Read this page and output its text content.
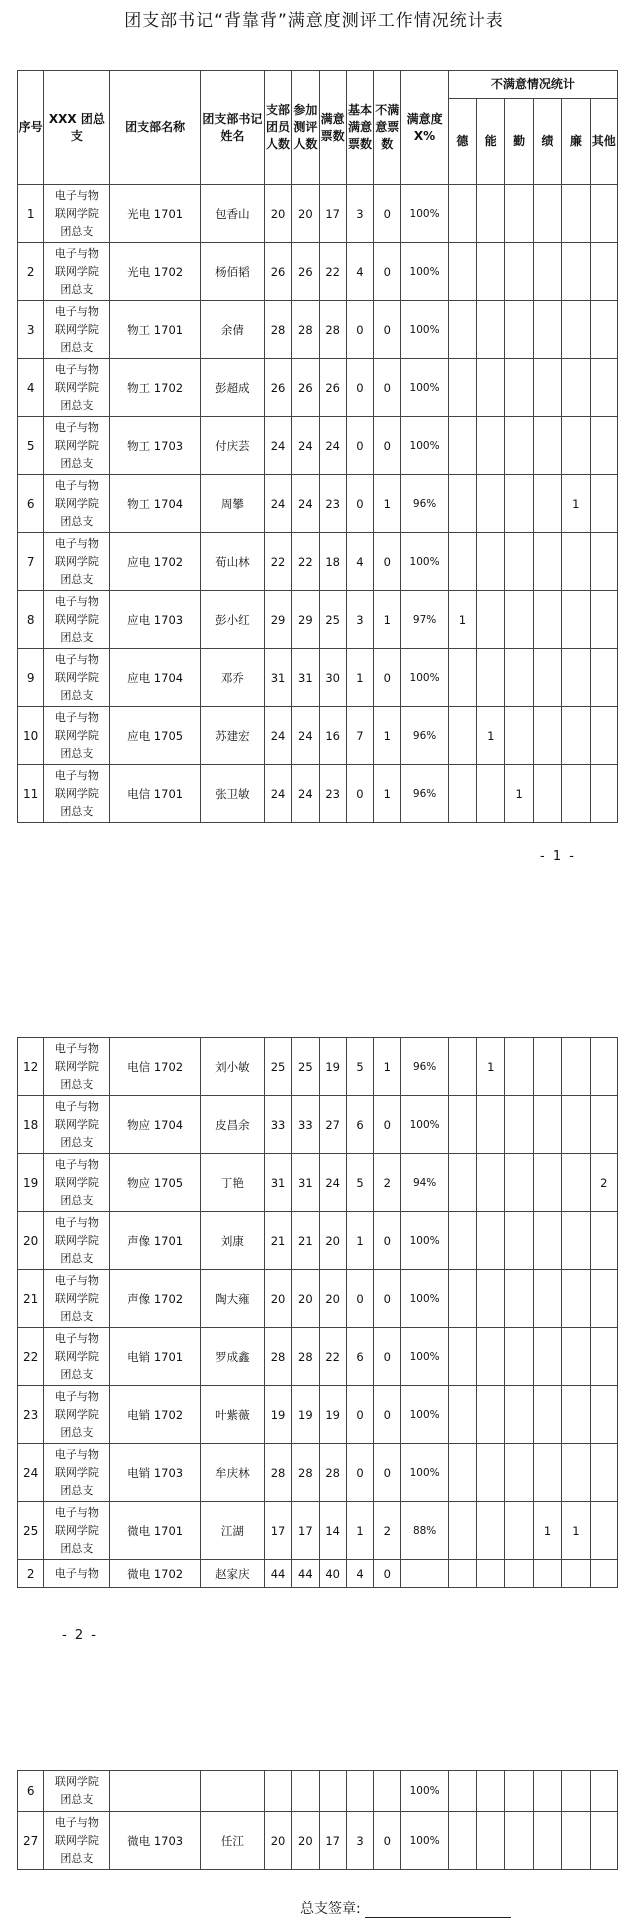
团支部书记“背靠背”满意度测评工作情况统计表
序号	XXX 团总支	团支部名称	团支部书记姓名	支部团员人数	参加测评人数	满意票数	基本满意票数	不满意票数	满意度 X%	不满意情况统计					
										德	能	勤	绩	廉	其他
1	电子与物
联网学院
团总支	光电 1701	包香山	20	20	17	3	0	100%						
2	电子与物
联网学院
团总支	光电 1702	杨佰韬	26	26	22	4	0	100%						
3	电子与物
联网学院
团总支	物工 1701	余倩	28	28	28	0	0	100%						
4	电子与物
联网学院
团总支	物工 1702	彭超成	26	26	26	0	0	100%						
5	电子与物
联网学院
团总支	物工 1703	付庆芸	24	24	24	0	0	100%						
6	电子与物
联网学院
团总支	物工 1704	周攀	24	24	23	0	1	96%					1	
7	电子与物
联网学院
团总支	应电 1702	荀山林	22	22	18	4	0	100%						
8	电子与物
联网学院
团总支	应电 1703	彭小红	29	29	25	3	1	97%	1					
9	电子与物
联网学院
团总支	应电 1704	邓乔	31	31	30	1	0	100%						
10	电子与物
联网学院
团总支	应电 1705	苏建宏	24	24	16	7	1	96%		1				
11	电子与物
联网学院
团总支	电信 1701	张卫敏	24	24	23	0	1	96%			1			
- 1 -
12	电子与物
联网学院
团总支	电信 1702	刘小敏	25	25	19	5	1	96%		1				
18	电子与物
联网学院
团总支	物应 1704	皮昌余	33	33	27	6	0	100%						
19	电子与物
联网学院
团总支	物应 1705	丁艳	31	31	24	5	2	94%						2
20	电子与物
联网学院
团总支	声像 1701	刘康	21	21	20	1	0	100%						
21	电子与物
联网学院
团总支	声像 1702	陶大雍	20	20	20	0	0	100%						
22	电子与物
联网学院
团总支	电销 1701	罗成鑫	28	28	22	6	0	100%						
23	电子与物
联网学院
团总支	电销 1702	叶紫薇	19	19	19	0	0	100%						
24	电子与物
联网学院
团总支	电销 1703	牟庆林	28	28	28	0	0	100%						
25	电子与物
联网学院
团总支	微电 1701	江湖	17	17	14	1	2	88%				1	1	
2	电子与物	微电 1702	赵家庆	44	44	40	4	0							
- 2 -
6	联网学院
团总支								100%						
27	电子与物
联网学院
团总支	微电 1703	任江	20	20	17	3	0	100%						
总支签章:
